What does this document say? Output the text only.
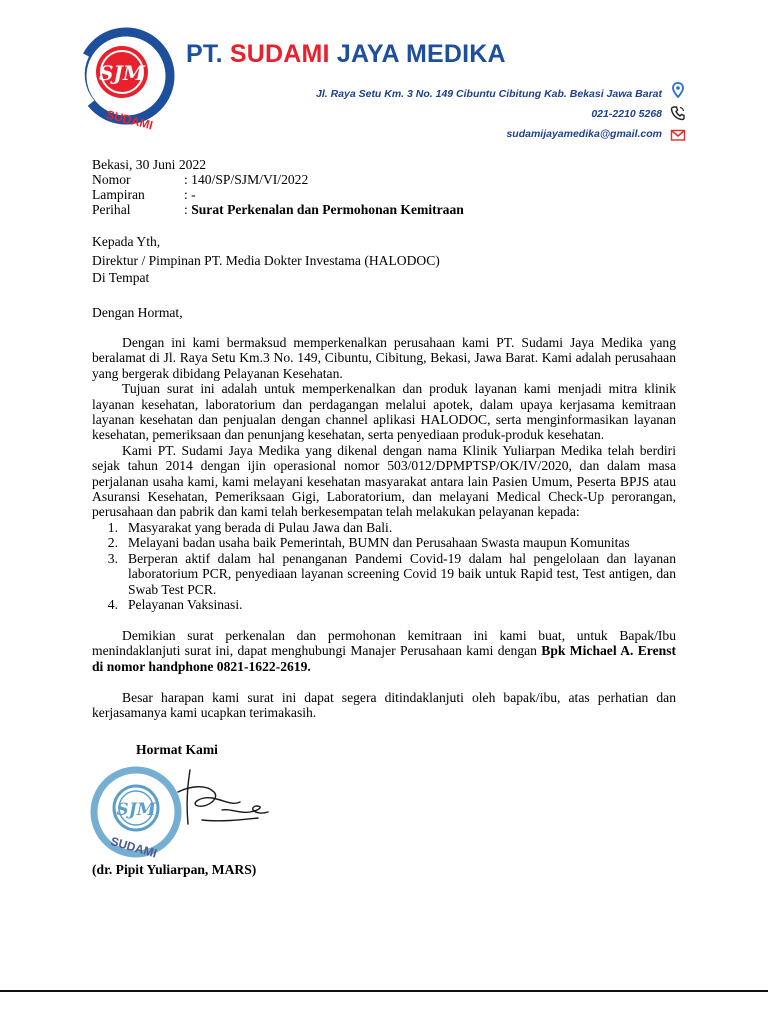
SJM
SUDAMI
PT. SUDAMI JAYA MEDIKA
Jl. Raya Setu Km. 3 No. 149 Cibuntu Cibitung Kab. Bekasi Jawa Barat
021-2210 5268
sudamijayamedika@gmail.com
Bekasi, 30 Juni 2022
Nomor	: 140/SP/SJM/VI/2022
Lampiran	: -
Perihal	: Surat Perkenalan dan Permohonan Kemitraan
Kepada Yth,
Direktur / Pimpinan PT. Media Dokter Investama (HALODOC)
Di Tempat
Dengan Hormat,

Dengan ini kami bermaksud memperkenalkan perusahaan kami PT. Sudami Jaya Medika yang beralamat di Jl. Raya Setu Km.3 No. 149, Cibuntu, Cibitung, Bekasi, Jawa Barat. Kami adalah perusahaan yang bergerak dibidang Pelayanan Kesehatan.

Tujuan surat ini adalah untuk memperkenalkan dan produk layanan kami menjadi mitra klinik layanan kesehatan, laboratorium dan perdagangan melalui apotek, dalam upaya kerjasama kemitraan layanan kesehatan dan penjualan dengan channel aplikasi HALODOC, serta menginformasikan layanan kesehatan, pemeriksaan dan penunjang kesehatan, serta penyediaan produk-produk kesehatan.

Kami PT. Sudami Jaya Medika yang dikenal dengan nama Klinik Yuliarpan Medika telah berdiri sejak tahun 2014 dengan ijin operasional nomor 503/012/DPMPTSP/OK/IV/2020, dan dalam masa perjalanan usaha kami, kami melayani kesehatan masyarakat antara lain Pasien Umum, Peserta BPJS atau Asuransi Kesehatan, Pemeriksaan Gigi, Laboratorium, dan melayani Medical Check-Up perorangan, perusahaan dan pabrik dan kami telah berkesempatan telah melakukan pelayanan kepada:

1. Masyarakat yang berada di Pulau Jawa dan Bali.
2. Melayani badan usaha baik Pemerintah, BUMN dan Perusahaan Swasta maupun Komunitas
3. Berperan aktif dalam hal penanganan Pandemi Covid-19 dalam hal pengelolaan dan layanan laboratorium PCR, penyediaan layanan screening Covid 19 baik untuk Rapid test, Test antigen, dan Swab Test PCR.
4. Pelayanan Vaksinasi.
Demikian surat perkenalan dan permohonan kemitraan ini kami buat, untuk Bapak/Ibu menindaklanjuti surat ini, dapat menghubungi Manajer Perusahaan kami dengan Bpk Michael A. Erenst di nomor handphone 0821-1622-2619.
Besar harapan kami surat ini dapat segera ditindaklanjuti oleh bapak/ibu, atas perhatian dan kerjasamanya kami ucapkan terimakasih.
Hormat Kami
SJM
SUDAMI
(dr. Pipit Yuliarpan, MARS)
